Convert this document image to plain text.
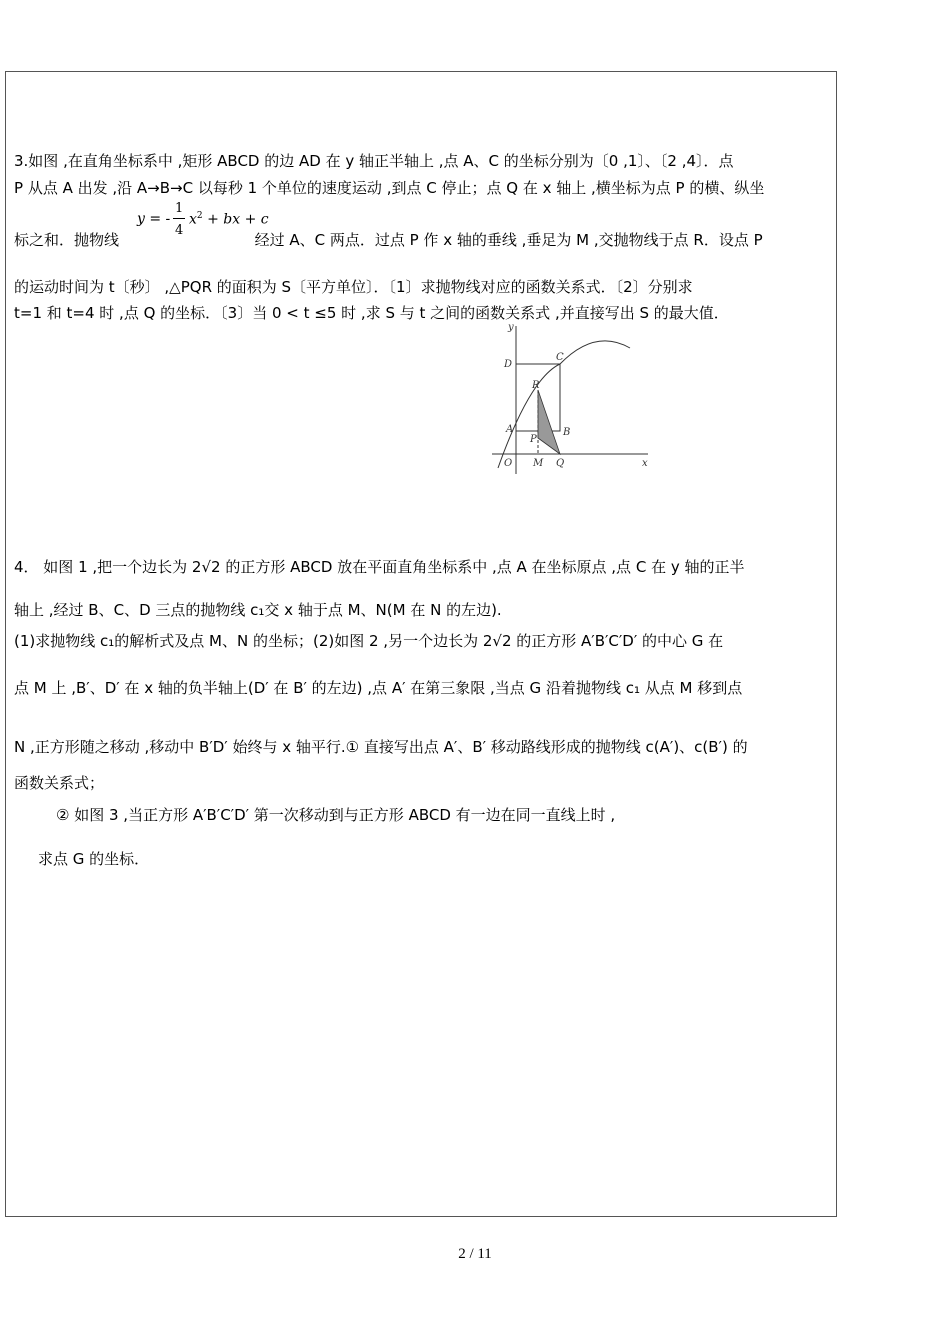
3.如图 ,在直角坐标系中 ,矩形 ABCD 的边 AD 在 y 轴正半轴上 ,点 A、C 的坐标分别为〔0 ,1〕、〔2 ,4〕．点
P 从点 A 出发 ,沿 A→B→C 以每秒 1 个单位的速度运动 ,到点 C 停止；点 Q 在 x 轴上 ,横坐标为点 P 的横、纵坐
标之和．抛物线	经过 A、C 两点．过点 P 作 x 轴的垂线 ,垂足为 M ,交抛物线于点 R．设点 P
y = -
1
4
$x^2$ + bx + c
的运动时间为 t〔秒〕 ,△PQR 的面积为 S〔平方单位〕．〔1〕求抛物线对应的函数关系式．〔2〕分别求
t=1 和 t=4 时 ,点 Q 的坐标．〔3〕当 0 < t ≤5 时 ,求 S 与 t 之间的函数关系式 ,并直接写出 S 的最大值．
y
x
D
C
R
A	B
P
O M Q
4． 如图 1 ,把一个边长为 2√2 的正方形 ABCD 放在平面直角坐标系中 ,点 A 在坐标原点 ,点 C 在 y 轴的正半
轴上 ,经过 B、C、D 三点的抛物线 c₁交 x 轴于点 M、N(M 在 N 的左边).
(1)求抛物线 c₁的解析式及点 M、N 的坐标；(2)如图 2 ,另一个边长为 2√2 的正方形 A′B′C′D′ 的中心 G 在
点 M 上 ,B′、D′ 在 x 轴的负半轴上(D′ 在 B′ 的左边) ,点 A′ 在第三象限 ,当点 G 沿着抛物线 c₁ 从点 M 移到点
N ,正方形随之移动 ,移动中 B′D′ 始终与 x 轴平行.① 直接写出点 A′、B′ 移动路线形成的抛物线 c(A′)、c(B′) 的
函数关系式；
② 如图 3 ,当正方形 A′B′C′D′ 第一次移动到与正方形 ABCD 有一边在同一直线上时 ,
求点 G 的坐标．
2 / 11
